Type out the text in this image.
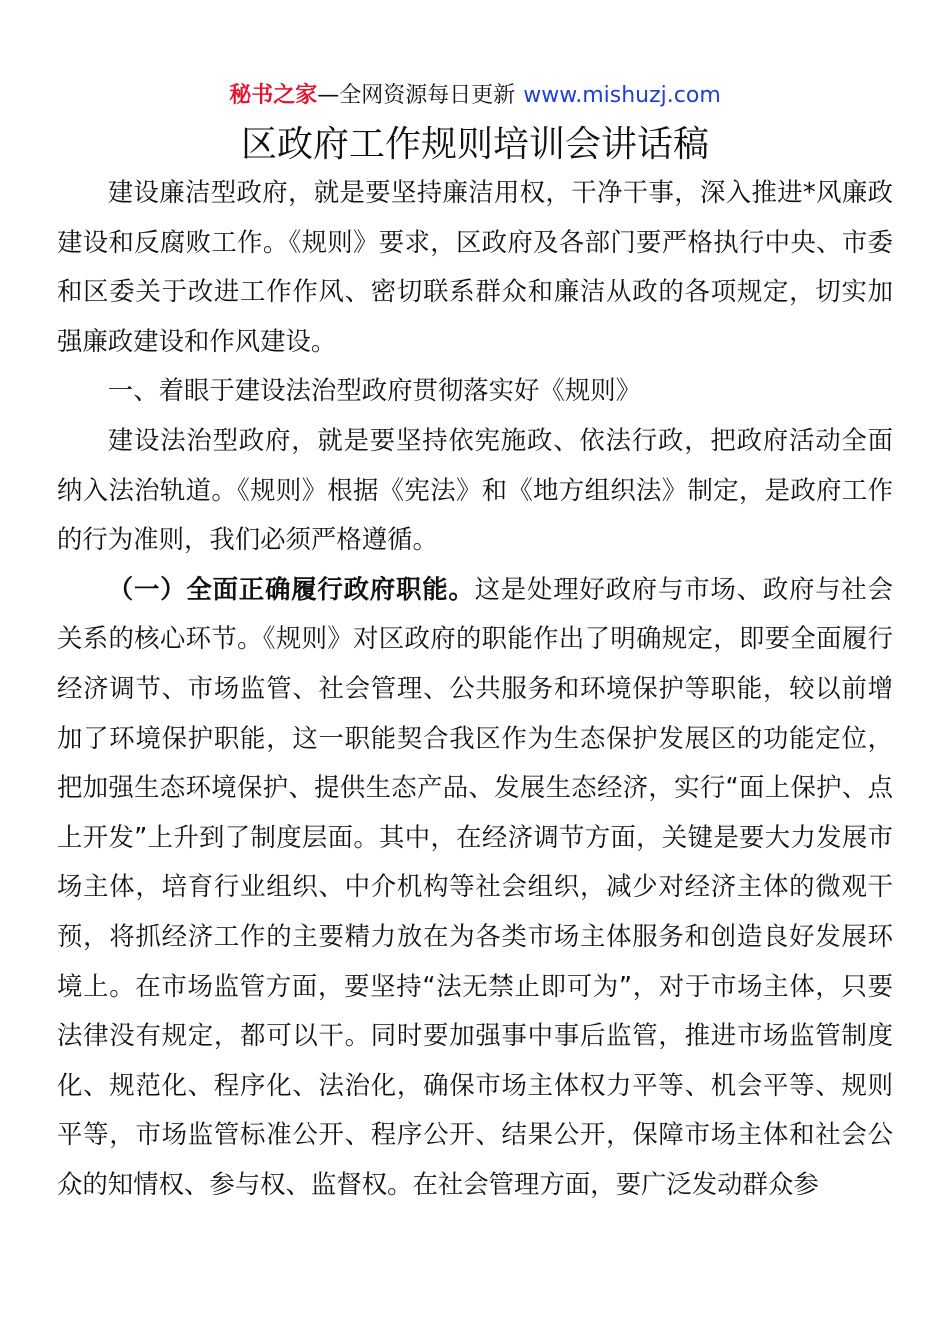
秘书之家—全网资源每日更新 www.mishuzj.com
区政府工作规则培训会讲话稿

建设廉洁型政府，就是要坚持廉洁用权，干净干事，深入推进*风廉政建设和反腐败工作。《规则》要求，区政府及各部门要严格执行中央、市委和区委关于改进工作作风、密切联系群众和廉洁从政的各项规定，切实加强廉政建设和作风建设。

一、着眼于建设法治型政府贯彻落实好《规则》

建设法治型政府，就是要坚持依宪施政、依法行政，把政府活动全面纳入法治轨道。《规则》根据《宪法》和《地方组织法》制定，是政府工作的行为准则，我们必须严格遵循。

（一）全面正确履行政府职能。这是处理好政府与市场、政府与社会关系的核心环节。《规则》对区政府的职能作出了明确规定，即要全面履行经济调节、市场监管、社会管理、公共服务和环境保护等职能，较以前增加了环境保护职能，这一职能契合我区作为生态保护发展区的功能定位，把加强生态环境保护、提供生态产品、发展生态经济，实行“面上保护、点上开发”上升到了制度层面。其中，在经济调节方面，关键是要大力发展市场主体，培育行业组织、中介机构等社会组织，减少对经济主体的微观干预，将抓经济工作的主要精力放在为各类市场主体服务和创造良好发展环境上。在市场监管方面，要坚持“法无禁止即可为”，对于市场主体，只要法律没有规定，都可以干。同时要加强事中事后监管，推进市场监管制度化、规范化、程序化、法治化，确保市场主体权力平等、机会平等、规则平等，市场监管标准公开、程序公开、结果公开，保障市场主体和社会公众的知情权、参与权、监督权。在社会管理方面，要广泛发动群众参
